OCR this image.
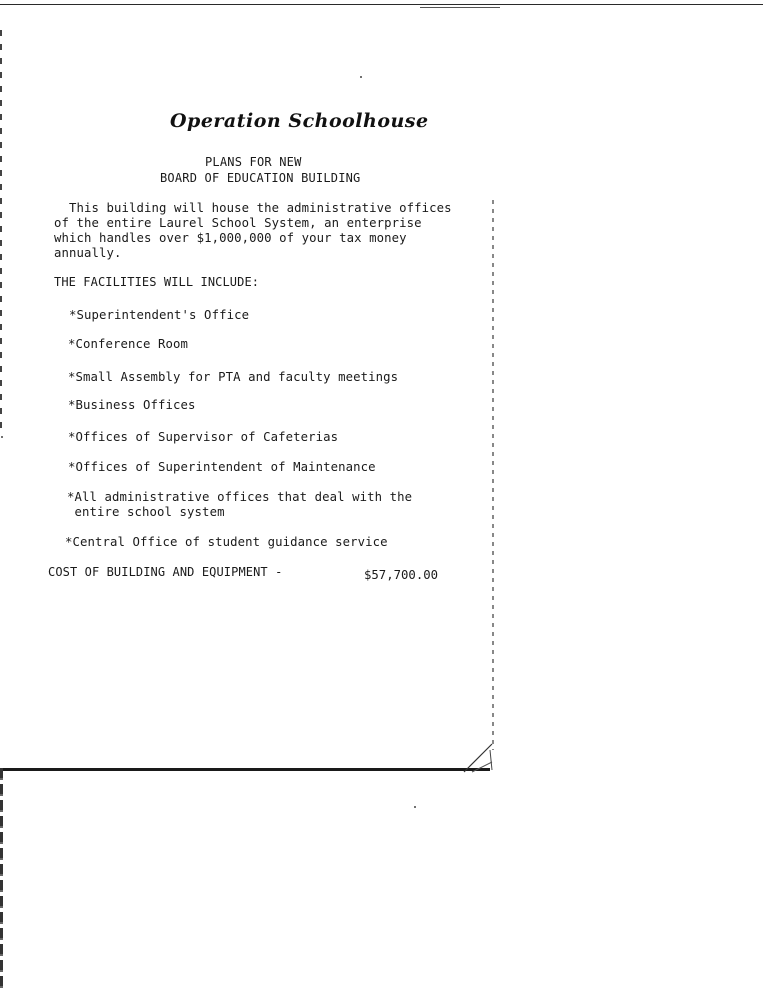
Operation Schoolhouse
PLANS FOR NEW
BOARD OF EDUCATION BUILDING
This building will house the administrative offices
of the entire Laurel School System, an enterprise
which handles over $1,000,000 of your tax money
annually.
THE FACILITIES WILL INCLUDE:
*Superintendent's Office
*Conference Room
*Small Assembly for PTA and faculty meetings
*Business Offices
*Offices of Supervisor of Cafeterias
*Offices of Superintendent of Maintenance
*All administrative offices that deal with the
entire school system
*Central Office of student guidance service
COST OF BUILDING AND EQUIPMENT -	$57,700.00
